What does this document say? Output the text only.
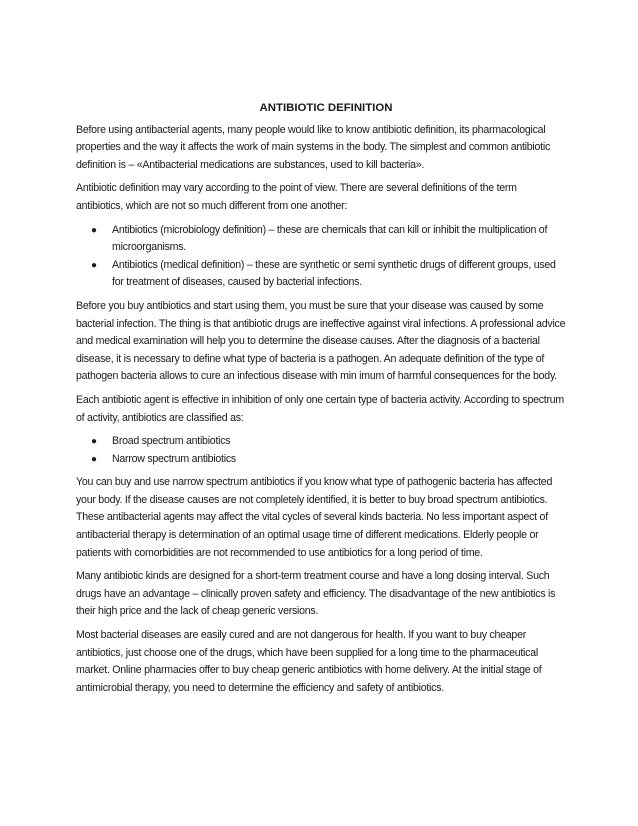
ANTIBIOTIC DEFINITION

Before using antibacterial agents, many people would like to know antibiotic definition, its pharmacological properties and the way it affects the work of main systems in the body. The simplest and common antibiotic definition is – «Antibacterial medications are substances, used to kill bacteria».

Antibiotic definition may vary according to the point of view. There are several definitions of the term antibiotics, which are not so much different from one another:

● Antibiotics (microbiology definition) – these are chemicals that can kill or inhibit the multiplication of microorganisms.
● Antibiotics (medical definition) – these are synthetic or semi synthetic drugs of different groups, used for treatment of diseases, caused by bacterial infections.

Before you buy antibiotics and start using them, you must be sure that your disease was caused by some bacterial infection. The thing is that antibiotic drugs are ineffective against viral infections. A professional advice and medical examination will help you to determine the disease causes. After the diagnosis of a bacterial disease, it is necessary to define what type of bacteria is a pathogen. An adequate definition of the type of pathogen bacteria allows to cure an infectious disease with min imum of harmful consequences for the body.

Each antibiotic agent is effective in inhibition of only one certain type of bacteria activity. According to spectrum of activity, antibiotics are classified as:

● Broad spectrum antibiotics
● Narrow spectrum antibiotics

You can buy and use narrow spectrum antibiotics if you know what type of pathogenic bacteria has affected your body. If the disease causes are not completely identified, it is better to buy broad spectrum antibiotics. These antibacterial agents may affect the vital cycles of several kinds bacteria. No less important aspect of antibacterial therapy is determination of an optimal usage time of different medications. Elderly people or patients with comorbidities are not recommended to use antibiotics for a long period of time.

Many antibiotic kinds are designed for a short-term treatment course and have a long dosing interval. Such drugs have an advantage – clinically proven safety and efficiency. The disadvantage of the new antibiotics is their high price and the lack of cheap generic versions.

Most bacterial diseases are easily cured and are not dangerous for health. If you want to buy cheaper antibiotics, just choose one of the drugs, which have been supplied for a long time to the pharmaceutical market. Online pharmacies offer to buy cheap generic antibiotics with home delivery. At the initial stage of antimicrobial therapy, you need to determine the efficiency and safety of antibiotics.
